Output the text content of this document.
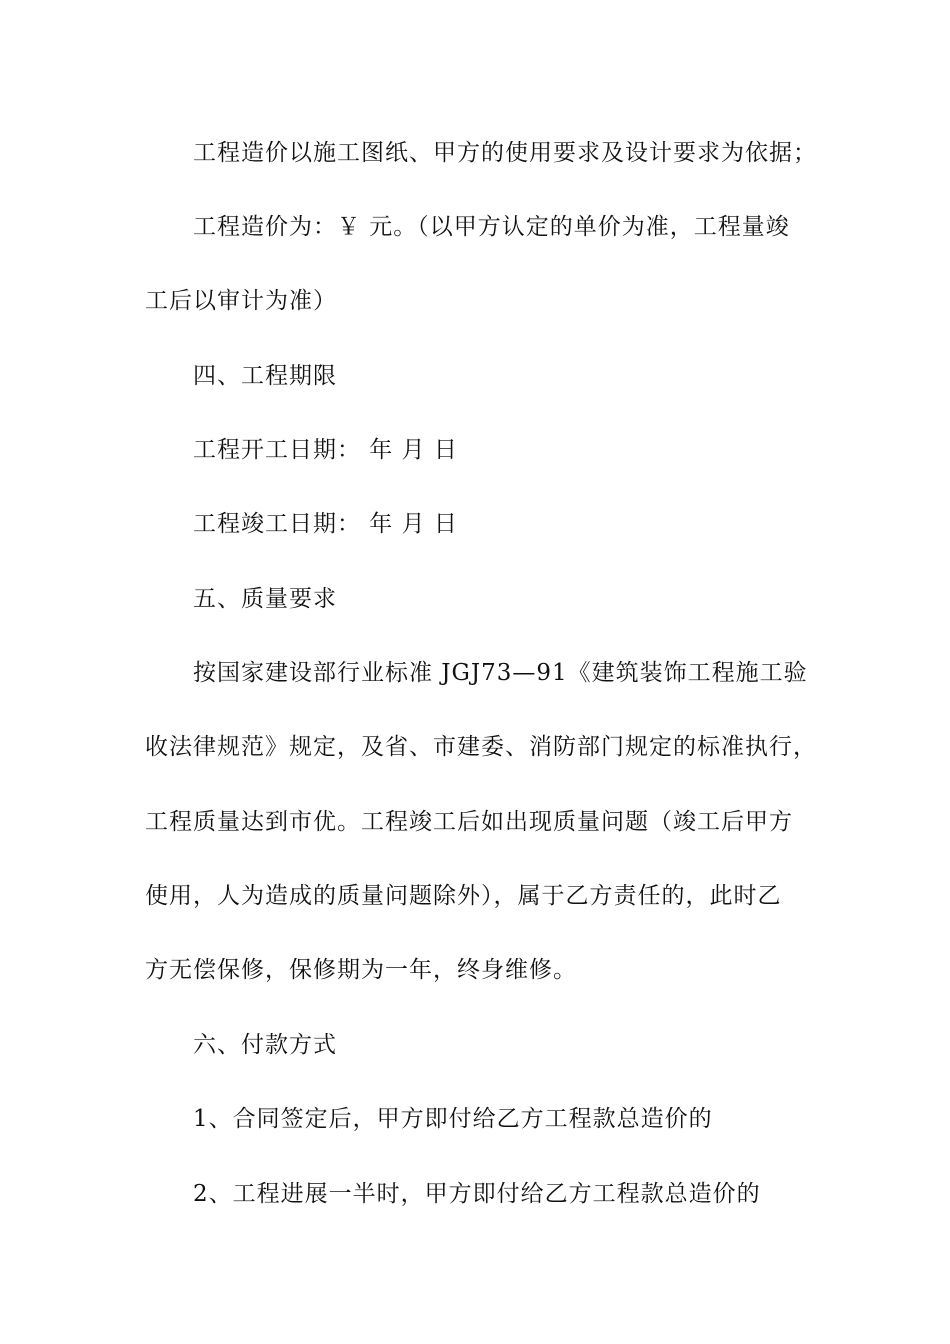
工程造价以施工图纸、甲方的使用要求及设计要求为依据；
工程造价为：￥ 元。（以甲方认定的单价为准，工程量竣
工后以审计为准）
四、工程期限
工程开工日期： 年 月 日
工程竣工日期： 年 月 日
五、质量要求
按国家建设部行业标准 JGJ73—91《建筑装饰工程施工验
收法律规范》规定，及省、市建委、消防部门规定的标准执行，
工程质量达到市优。工程竣工后如出现质量问题（竣工后甲方
使用，人为造成的质量问题除外），属于乙方责任的，此时乙
方无偿保修，保修期为一年，终身维修。
六、付款方式
1、合同签定后，甲方即付给乙方工程款总造价的
2、工程进展一半时，甲方即付给乙方工程款总造价的
